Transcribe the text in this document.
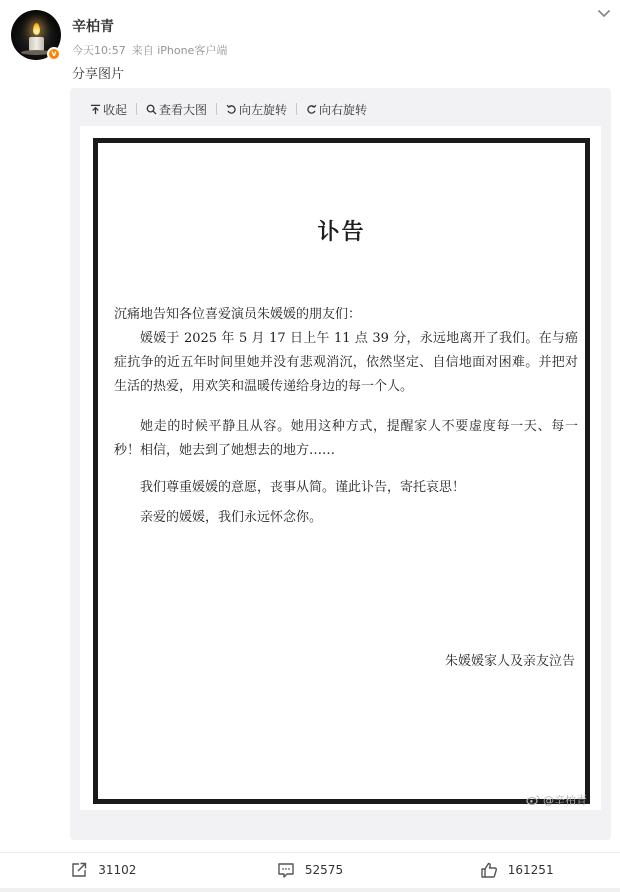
v
辛柏青
今天10:57 来自 iPhone客户端
分享图片
收起	查看大图	向左旋转	向右旋转
讣告
沉痛地告知各位喜爱演员朱媛媛的朋友们：
媛媛于 2025 年 5 月 17 日上午 11 点 39 分，永远地离开了我们。在与癌症抗争的近五年时间里她并没有悲观消沉，依然坚定、自信地面对困难。并把对生活的热爱，用欢笑和温暖传递给身边的每一个人。
她走的时候平静且从容。她用这种方式，提醒家人不要虚度每一天、每一秒！相信，她去到了她想去的地方……
我们尊重媛媛的意愿，丧事从简。谨此讣告，寄托哀思！
亲爱的媛媛，我们永远怀念你。
朱媛媛家人及亲友泣告
@辛柏青
31102	52575	161251
